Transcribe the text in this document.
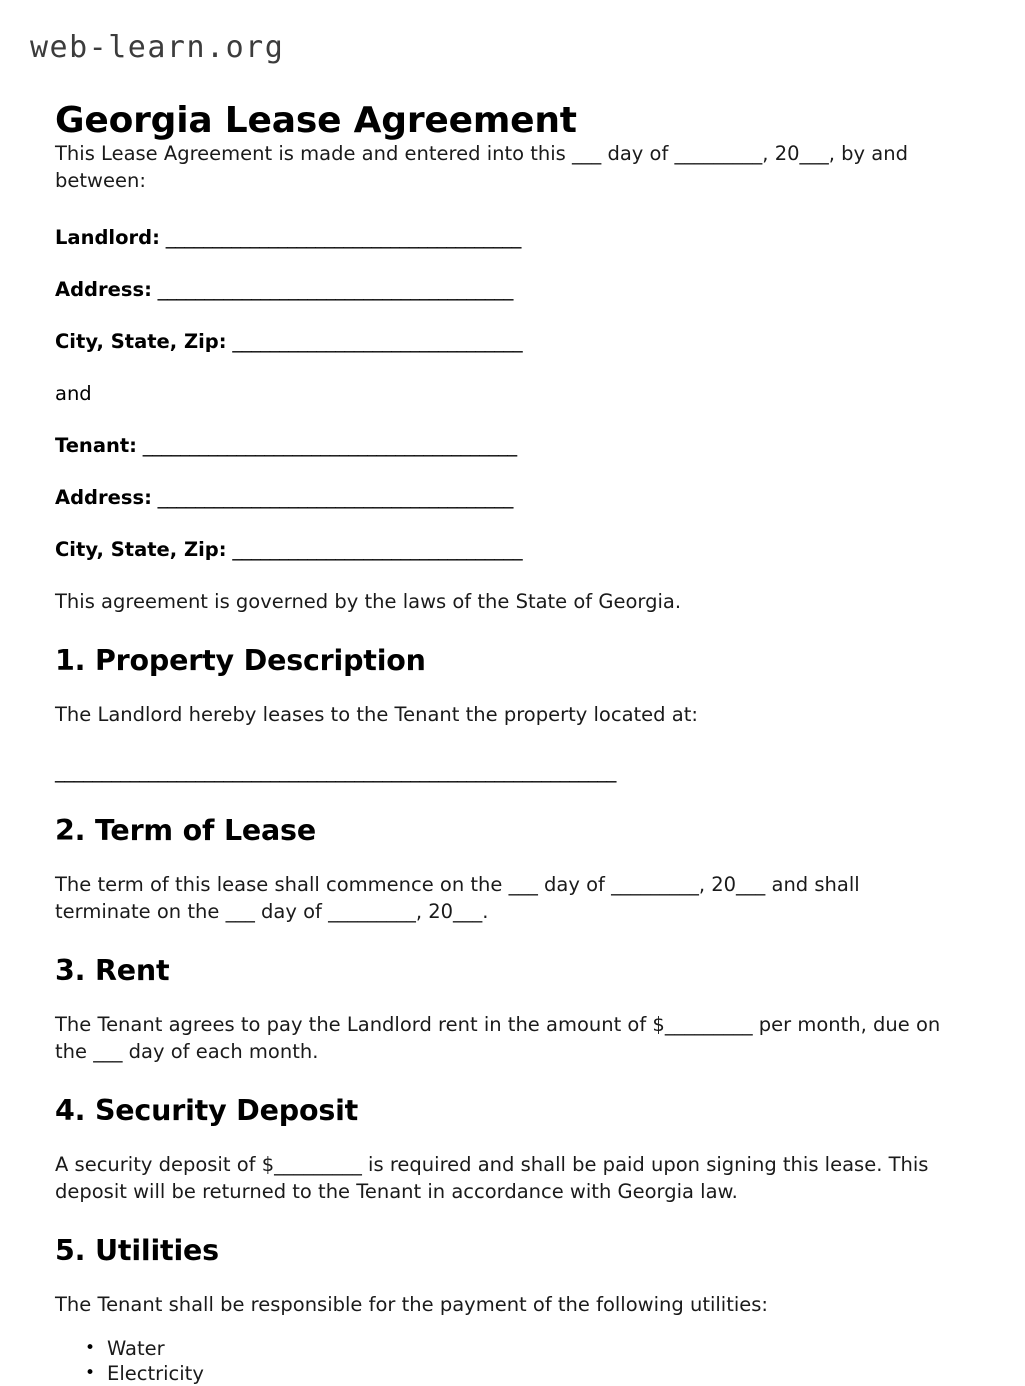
web-learn.org
Georgia Lease Agreement

This Lease Agreement is made and entered into this ___ day of _________, 20___, by and between:

Landlord: ______________________________________
Address: ______________________________________
City, State, Zip: _______________________________
and
Tenant: ________________________________________
Address: ______________________________________
City, State, Zip: _______________________________

This agreement is governed by the laws of the State of Georgia.

1. Property Description

The Landlord hereby leases to the Tenant the property located at:

____________________________________________________________
2. Term of Lease

The term of this lease shall commence on the ___ day of _________, 20___ and shall terminate on the ___ day of _________, 20___.

3. Rent

The Tenant agrees to pay the Landlord rent in the amount of $_________ per month, due on the ___ day of each month.

4. Security Deposit

A security deposit of $_________ is required and shall be paid upon signing this lease. This deposit will be returned to the Tenant in accordance with Georgia law.

5. Utilities

The Tenant shall be responsible for the payment of the following utilities:

• Water
• Electricity
